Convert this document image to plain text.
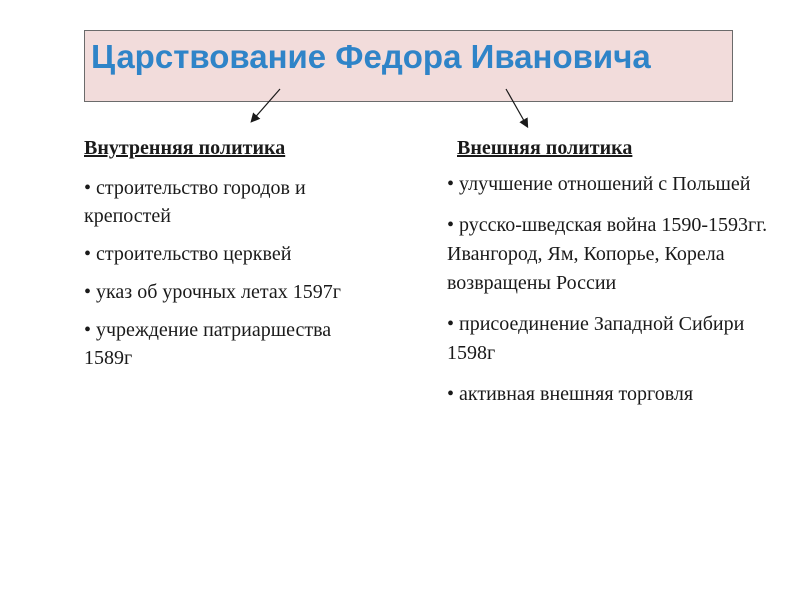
Царствование Федора Ивановича
Внутренняя политика
• строительство городов и крепостей
• строительство церквей
• указ об урочных летах 1597г
• учреждение патриаршества 1589г
Внешняя политика
• улучшение отношений с Польшей
• русско-шведская война 1590-1593гг. Ивангород, Ям, Копорье, Корела возвращены России
• присоединение Западной Сибири 1598г
• активная внешняя торговля
